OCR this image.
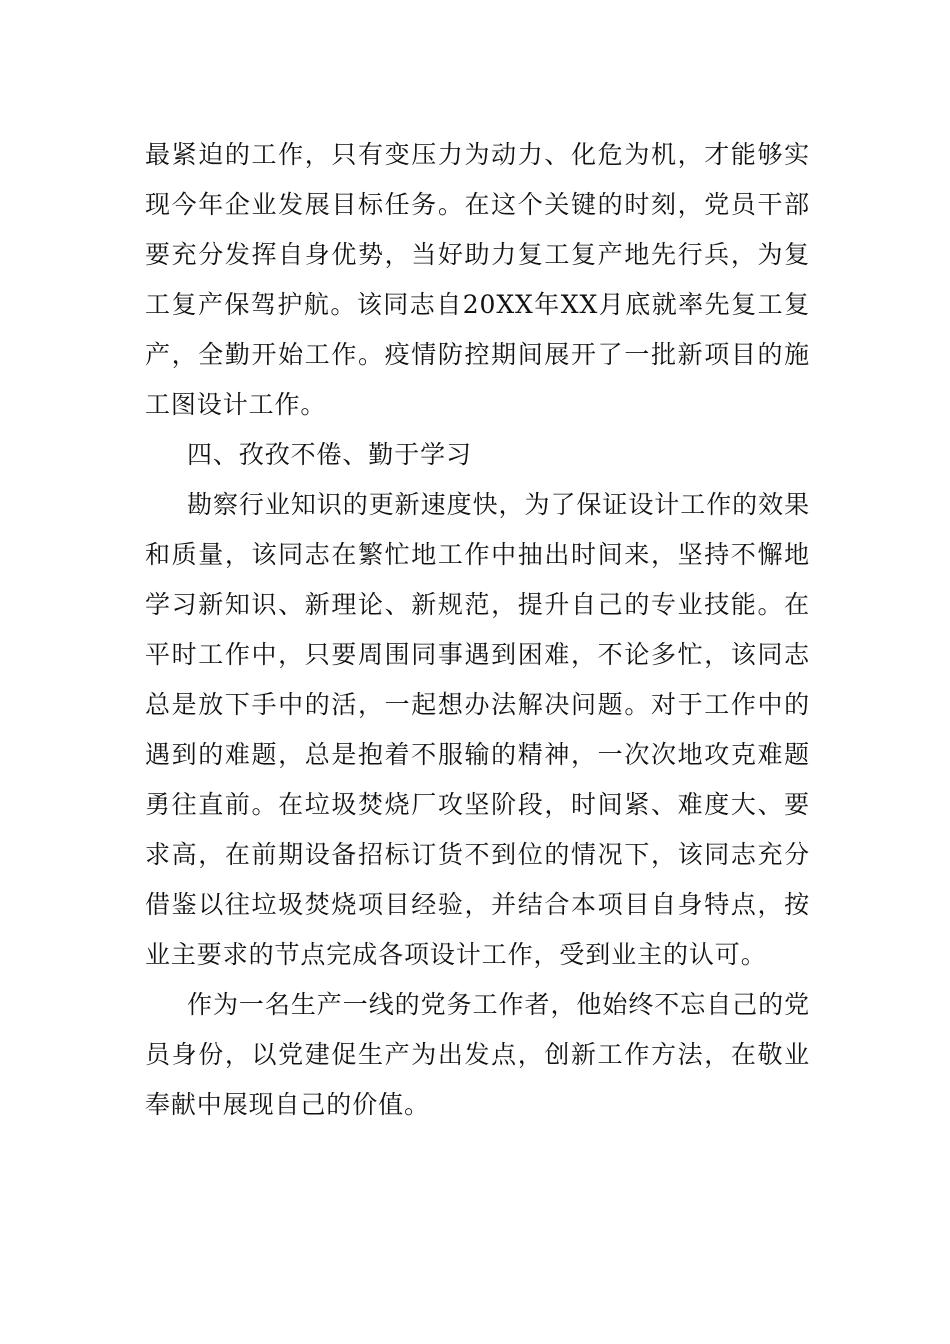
最紧迫的工作，只有变压力为动力、化危为机，才能够实现今年企业发展目标任务。在这个关键的时刻，党员干部要充分发挥自身优势，当好助力复工复产地先行兵，为复工复产保驾护航。该同志自20XX年XX月底就率先复工复产，全勤开始工作。疫情防控期间展开了一批新项目的施工图设计工作。

四、孜孜不倦、勤于学习

勘察行业知识的更新速度快，为了保证设计工作的效果和质量，该同志在繁忙地工作中抽出时间来，坚持不懈地学习新知识、新理论、新规范，提升自己的专业技能。在平时工作中，只要周围同事遇到困难，不论多忙，该同志总是放下手中的活，一起想办法解决问题。对于工作中的遇到的难题，总是抱着不服输的精神，一次次地攻克难题勇往直前。在垃圾焚烧厂攻坚阶段，时间紧、难度大、要求高，在前期设备招标订货不到位的情况下，该同志充分借鉴以往垃圾焚烧项目经验，并结合本项目自身特点，按业主要求的节点完成各项设计工作，受到业主的认可。

作为一名生产一线的党务工作者，他始终不忘自己的党员身份，以党建促生产为出发点，创新工作方法，在敬业奉献中展现自己的价值。
